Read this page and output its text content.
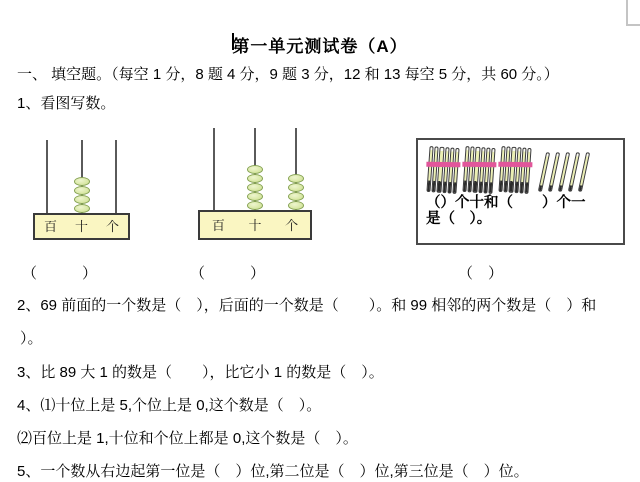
第一单元测试卷（A）
一、 填空题。（每空 1 分，8 题 4 分，9 题 3 分，12 和 13 每空 5 分，共 60 分。）
1、看图写数。
百 十 个	百 十 个
（）个十和（　　）个一
是（　）。
（　　　）	（　　　）	（　）
2、69 前面的一个数是（　），后面的一个数是（　　）。和 99 相邻的两个数是（　）和
）。
3、比 89 大 1 的数是（　　），比它小 1 的数是（　）。
4、⑴十位上是 5,个位上是 0,这个数是（　）。
⑵百位上是 1,十位和个位上都是 0,这个数是（　）。
5、一个数从右边起第一位是（　）位,第二位是（　）位,第三位是（　）位。
